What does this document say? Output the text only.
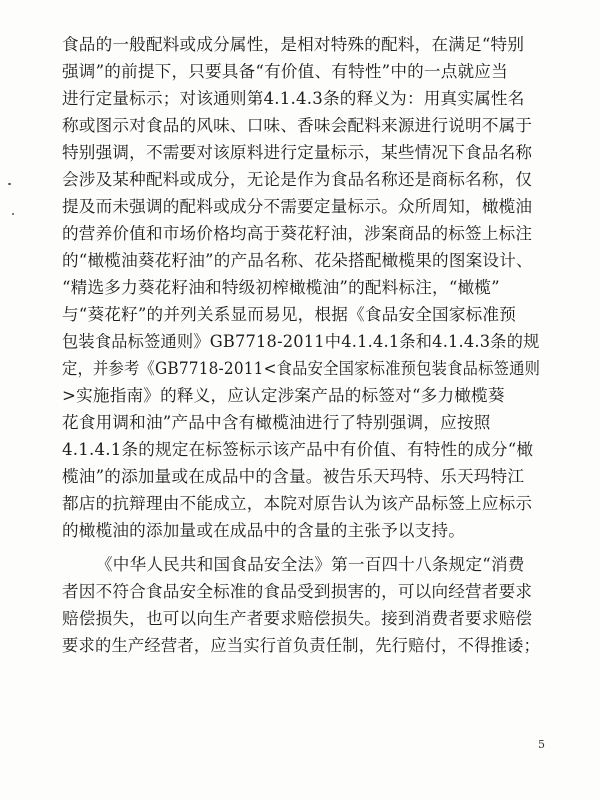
食品的一般配料或成分属性，是相对特殊的配料，在满足“特别
强调”的前提下，只要具备“有价值、有特性”中的一点就应当
进行定量标示；对该通则第4.1.4.3条的释义为：用真实属性名
称或图示对食品的风味、口味、香味会配料来源进行说明不属于
特别强调，不需要对该原料进行定量标示，某些情况下食品名称
会涉及某种配料或成分，无论是作为食品名称还是商标名称，仅
提及而未强调的配料或成分不需要定量标示。众所周知，橄榄油
的营养价值和市场价格均高于葵花籽油，涉案商品的标签上标注
的“橄榄油葵花籽油”的产品名称、花朵搭配橄榄果的图案设计、
“精选多力葵花籽油和特级初榨橄榄油”的配料标注，“橄榄”
与“葵花籽”的并列关系显而易见，根据《食品安全国家标准预
包装食品标签通则》GB7718-2011中4.1.4.1条和4.1.4.3条的规
定，并参考《GB7718-2011<食品安全国家标准预包装食品标签通则
>实施指南》的释义，应认定涉案产品的标签对“多力橄榄葵
花食用调和油”产品中含有橄榄油进行了特别强调，应按照
4.1.4.1条的规定在标签标示该产品中有价值、有特性的成分“橄
榄油”的添加量或在成品中的含量。被告乐天玛特、乐天玛特江
都店的抗辩理由不能成立，本院对原告认为该产品标签上应标示
的橄榄油的添加量或在成品中的含量的主张予以支持。
《中华人民共和国食品安全法》第一百四十八条规定“消费
者因不符合食品安全标准的食品受到损害的，可以向经营者要求
赔偿损失，也可以向生产者要求赔偿损失。接到消费者要求赔偿
要求的生产经营者，应当实行首负责任制，先行赔付，不得推诿；
5
